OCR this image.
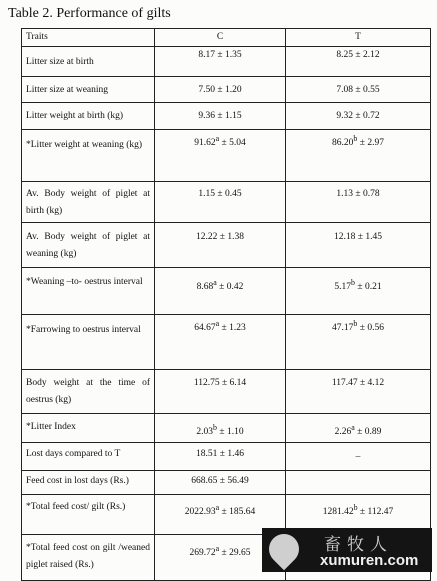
Table 2. Performance of gilts
Traits	C	T
Litter size at birth	8.17 ± 1.35	8.25 ± 2.12
Litter size at weaning	7.50 ± 1.20	7.08 ± 0.55
Litter weight at birth (kg)	9.36 ± 1.15	9.32 ± 0.72
*Litter weight at weaning (kg)	91.62$^a$ ± 5.04	86.20$^b$ ± 2.97
Av. Body weight of piglet at birth (kg)	1.15 ± 0.45	1.13 ± 0.78
Av. Body weight of piglet at weaning (kg)	12.22 ± 1.38	12.18 ± 1.45
*Weaning –to- oestrus interval	8.68$^a$ ± 0.42	5.17$^b$ ± 0.21
*Farrowing to oestrus interval	64.67$^a$ ± 1.23	47.17$^b$ ± 0.56
Body weight at the time of oestrus (kg)	112.75 ± 6.14	117.47 ± 4.12
*Litter Index	2.03$^b$ ± 1.10	2.26$^a$ ± 0.89
Lost days compared to T	18.51 ± 1.46	_
Feed cost in lost days (Rs.)	668.65 ± 56.49	
*Total feed cost/ gilt (Rs.)	2022.93$^a$ ± 185.64	1281.42$^b$ ± 112.47
*Total feed cost on gilt /weaned piglet raised (Rs.)	269.72$^a$ ± 29.65		畜牧人
xumuren.com
